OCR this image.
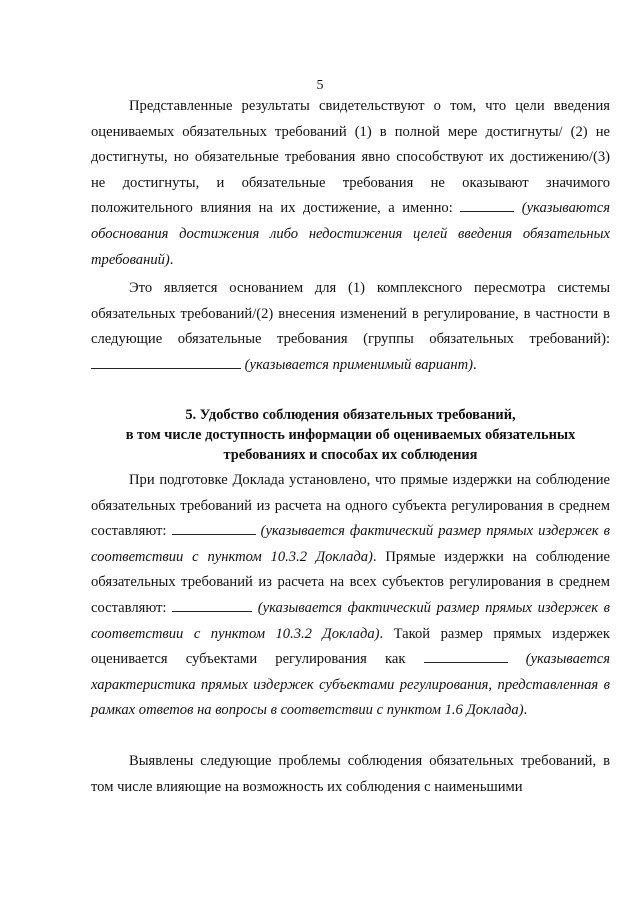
5

Представленные результаты свидетельствуют о том, что цели введения оцениваемых обязательных требований (1) в полной мере достигнуты/ (2) не достигнуты, но обязательные требования явно способствуют их достижению/(3) не достигнуты, и обязательные требования не оказывают значимого положительного влияния на их достижение, а именно:	(указываются обоснования достижения либо недостижения целей введения обязательных требований).

Это является основанием для (1) комплексного пересмотра системы обязательных требований/(2) внесения изменений в регулирование, в частности в следующие обязательные требования (группы обязательных требований):  (указывается применимый вариант).

5. Удобство соблюдения обязательных требований,
в том числе доступность информации об оцениваемых обязательных
требованиях и способах их соблюдения

При подготовке Доклада установлено, что прямые издержки на соблюдение обязательных требований из расчета на одного субъекта регулирования в среднем составляют:	(указывается фактический размер прямых издержек в соответствии с пунктом 10.3.2 Доклада). Прямые издержки на соблюдение обязательных требований из расчета на всех субъектов регулирования в среднем составляют:	(указывается фактический размер прямых издержек в соответствии с пунктом 10.3.2 Доклада). Такой размер прямых издержек оценивается субъектами регулирования как	(указывается характеристика прямых издержек субъектами регулирования, представленная в рамках ответов на вопросы в соответствии с пунктом 1.6 Доклада).

Выявлены следующие проблемы соблюдения обязательных требований, в том числе влияющие на возможность их соблюдения с наименьшими
